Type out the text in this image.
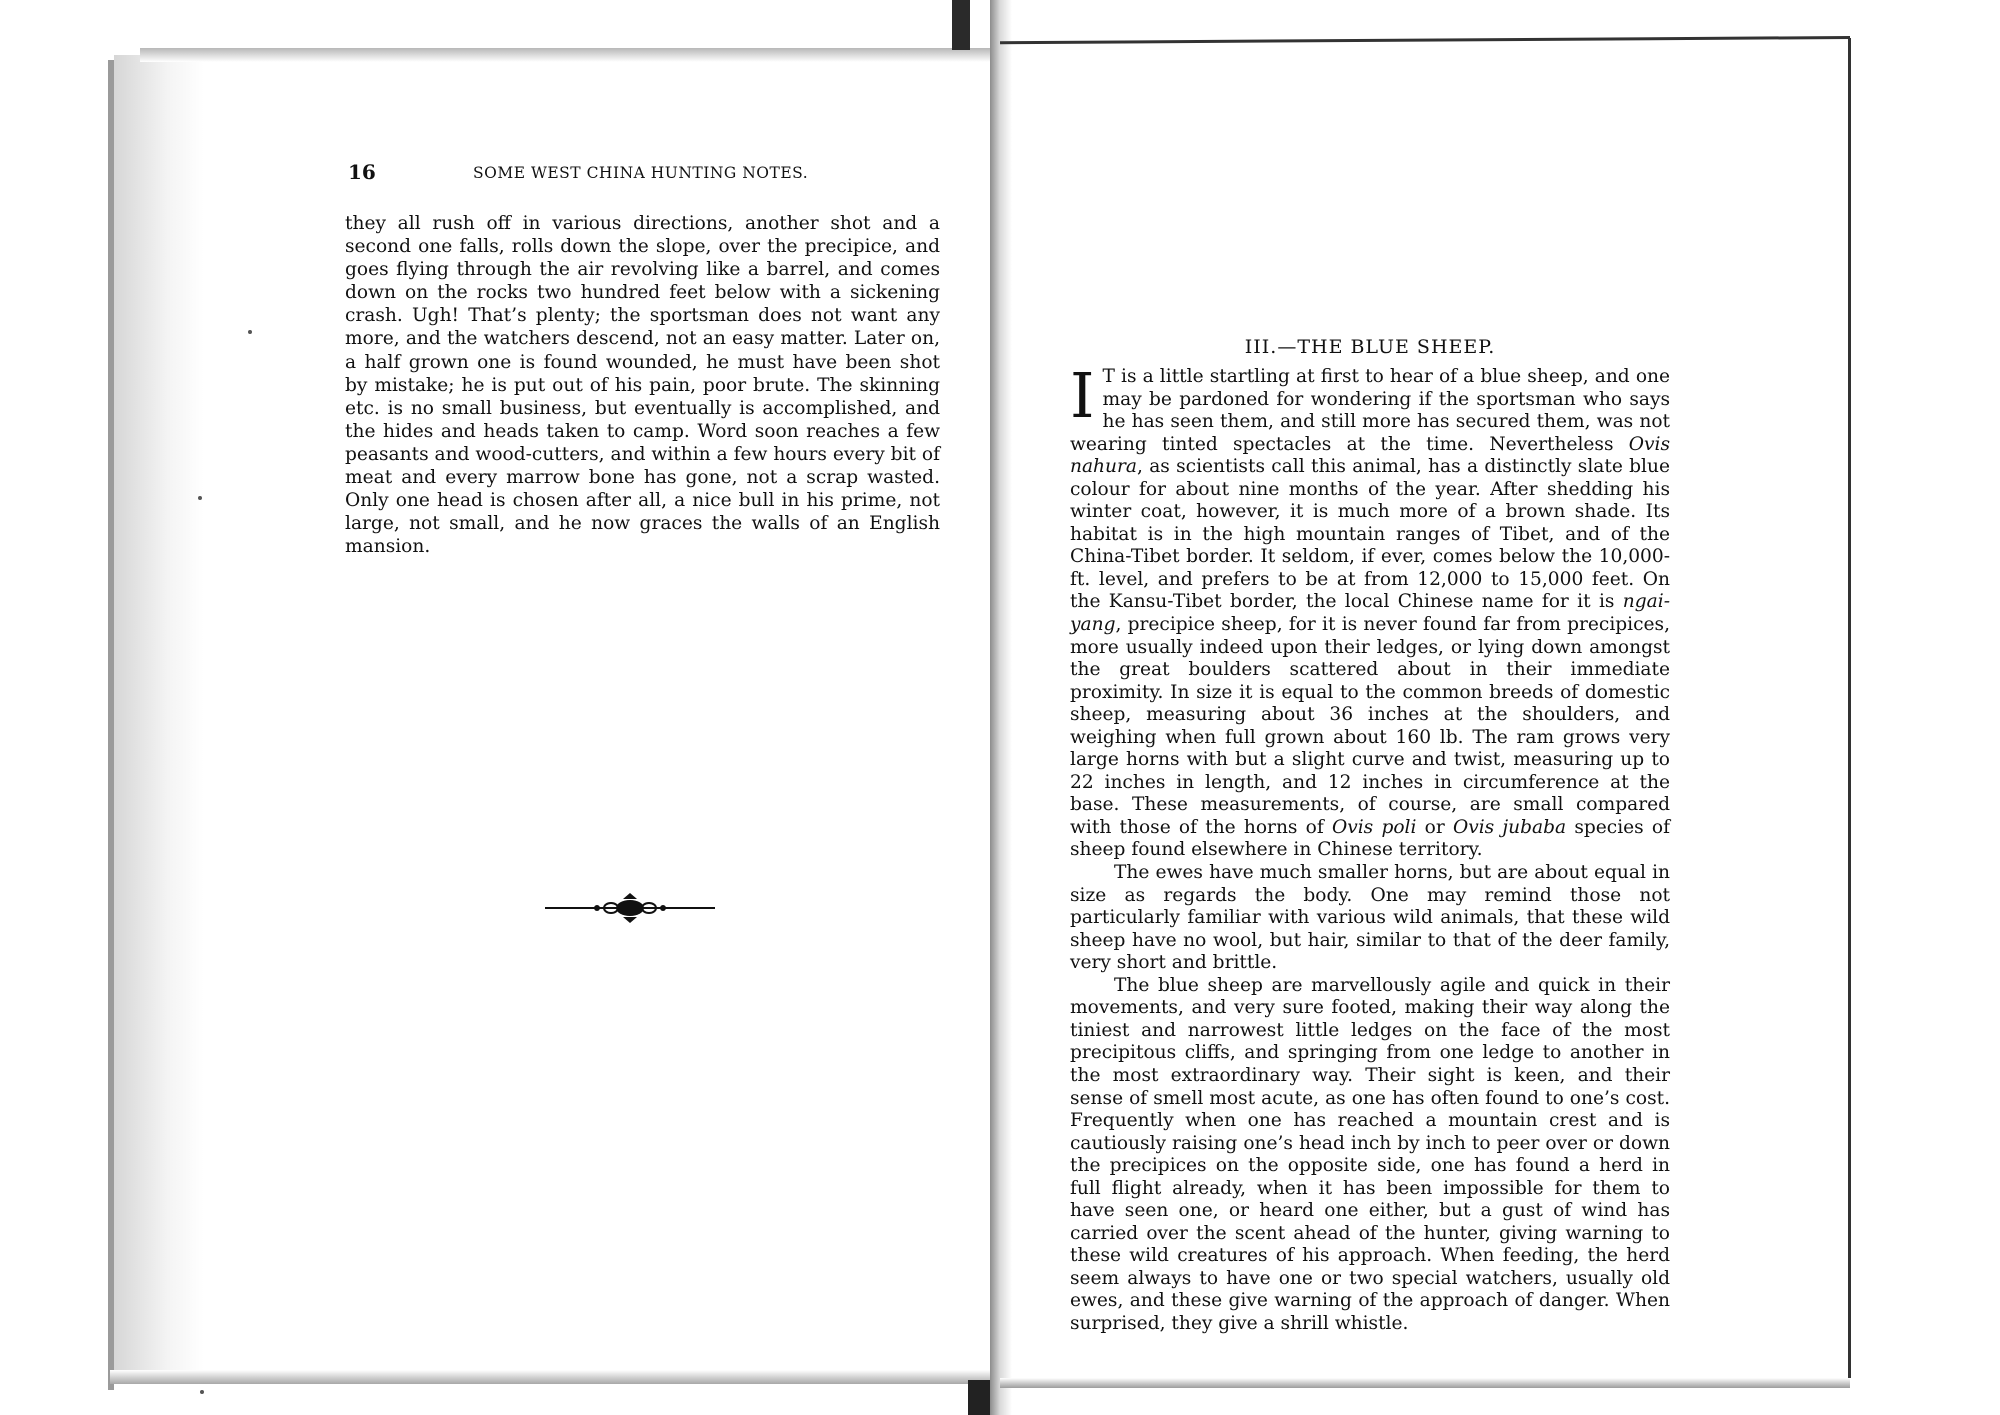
16	SOME WEST CHINA HUNTING NOTES.

they all rush off in various directions, another shot and a second one falls, rolls down the slope, over the precipice, and goes flying through the air revolving like a barrel, and comes down on the rocks two hundred feet below with a sickening crash. Ugh! That’s plenty; the sportsman does not want any more, and the watchers descend, not an easy matter. Later on, a half grown one is found wounded, he must have been shot by mistake; he is put out of his pain, poor brute. The skinning etc. is no small business, but eventually is accomplished, and the hides and heads taken to camp. Word soon reaches a few peasants and wood-cutters, and within a few hours every bit of meat and every marrow bone has gone, not a scrap wasted. Only one head is chosen after all, a nice bull in his prime, not large, not small, and he now graces the walls of an English mansion.

III.—THE BLUE SHEEP.

I T is a little startling at first to hear of a blue sheep, and one may be pardoned for wondering if the sportsman who says he has seen them, and still more has secured them, was not wearing tinted spectacles at the time. Nevertheless Ovis nahura, as scientists call this animal, has a distinctly slate blue colour for about nine months of the year. After shedding his winter coat, however, it is much more of a brown shade. Its habitat is in the high mountain ranges of Tibet, and of the China-Tibet border. It seldom, if ever, comes below the 10,000-ft. level, and prefers to be at from 12,000 to 15,000 feet. On the Kansu-Tibet border, the local Chinese name for it is ngai-yang, precipice sheep, for it is never found far from precipices, more usually indeed upon their ledges, or lying down amongst the great boulders scattered about in their immediate proximity. In size it is equal to the common breeds of domestic sheep, measuring about 36 inches at the shoulders, and weighing when full grown about 160 lb. The ram grows very large horns with but a slight curve and twist, measuring up to 22 inches in length, and 12 inches in circumference at the base. These measurements, of course, are small compared with those of the horns of Ovis poli or Ovis jubaba species of sheep found elsewhere in Chinese territory.

The ewes have much smaller horns, but are about equal in size as regards the body. One may remind those not particularly familiar with various wild animals, that these wild sheep have no wool, but hair, similar to that of the deer family, very short and brittle.

The blue sheep are marvellously agile and quick in their movements, and very sure footed, making their way along the tiniest and narrowest little ledges on the face of the most precipitous cliffs, and springing from one ledge to another in the most extraordinary way. Their sight is keen, and their sense of smell most acute, as one has often found to one’s cost. Frequently when one has reached a mountain crest and is cautiously raising one’s head inch by inch to peer over or down the precipices on the opposite side, one has found a herd in full flight already, when it has been impossible for them to have seen one, or heard one either, but a gust of wind has carried over the scent ahead of the hunter, giving warning to these wild creatures of his approach. When feeding, the herd seem always to have one or two special watchers, usually old ewes, and these give warning of the approach of danger. When surprised, they give a shrill whistle.
